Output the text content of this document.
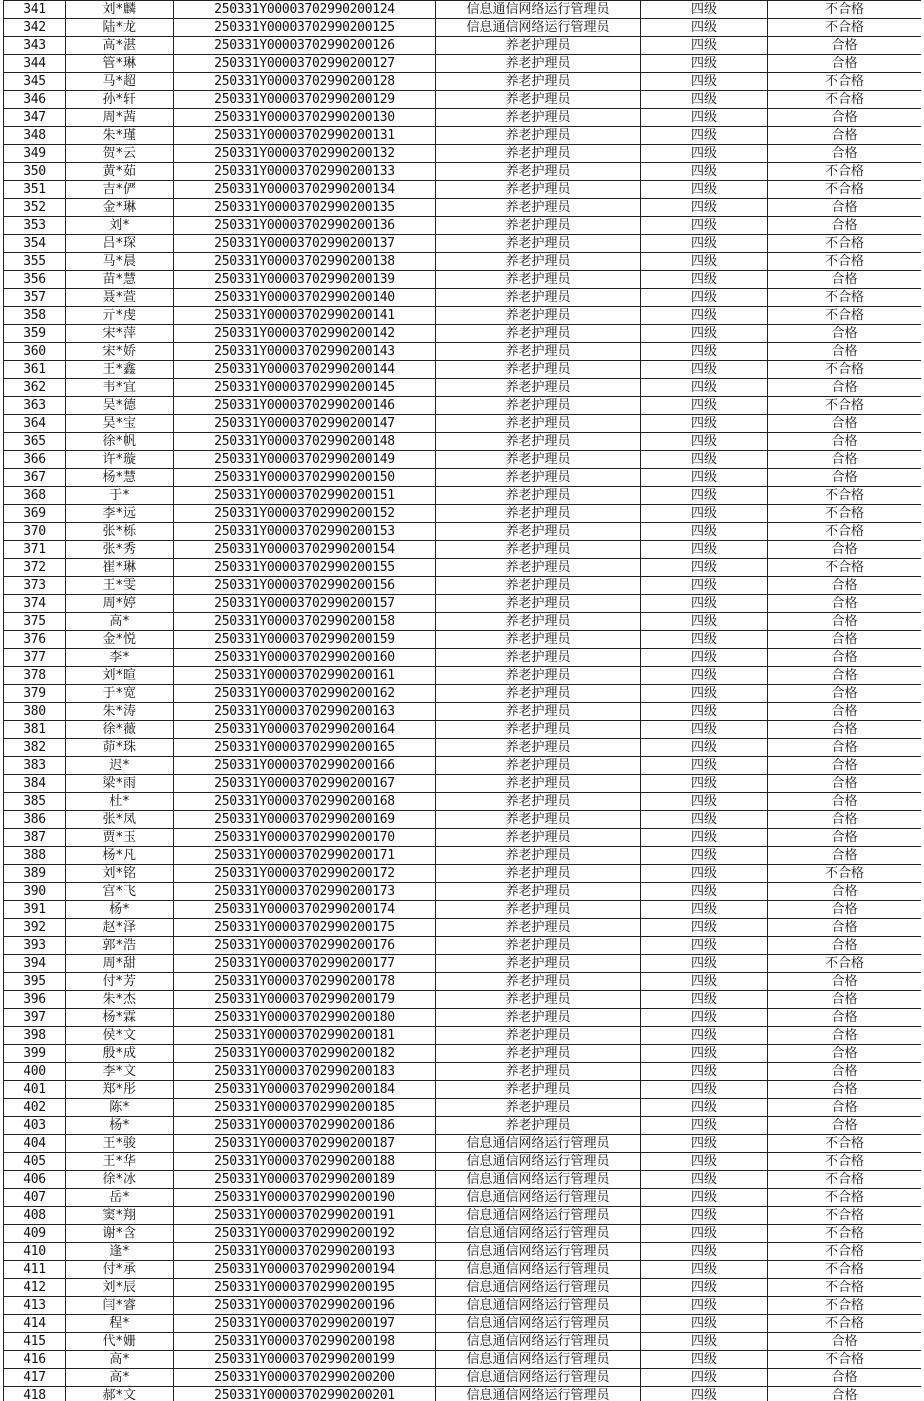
341	刘*麟	250331Y00003702990200124	信息通信网络运行管理员	四级	不合格
342	陆*龙	250331Y00003702990200125	信息通信网络运行管理员	四级	不合格
343	高*湛	250331Y00003702990200126	养老护理员	四级	合格
344	管*琳	250331Y00003702990200127	养老护理员	四级	合格
345	马*超	250331Y00003702990200128	养老护理员	四级	不合格
346	孙*轩	250331Y00003702990200129	养老护理员	四级	不合格
347	周*茜	250331Y00003702990200130	养老护理员	四级	合格
348	朱*瑾	250331Y00003702990200131	养老护理员	四级	合格
349	贺*云	250331Y00003702990200132	养老护理员	四级	合格
350	黄*茹	250331Y00003702990200133	养老护理员	四级	不合格
351	吉*俨	250331Y00003702990200134	养老护理员	四级	不合格
352	金*琳	250331Y00003702990200135	养老护理员	四级	合格
353	刘*	250331Y00003702990200136	养老护理员	四级	合格
354	吕*琛	250331Y00003702990200137	养老护理员	四级	不合格
355	马*晨	250331Y00003702990200138	养老护理员	四级	不合格
356	苗*慧	250331Y00003702990200139	养老护理员	四级	合格
357	聂*萱	250331Y00003702990200140	养老护理员	四级	不合格
358	亓*虔	250331Y00003702990200141	养老护理员	四级	不合格
359	宋*萍	250331Y00003702990200142	养老护理员	四级	合格
360	宋*娇	250331Y00003702990200143	养老护理员	四级	合格
361	王*鑫	250331Y00003702990200144	养老护理员	四级	不合格
362	韦*宜	250331Y00003702990200145	养老护理员	四级	合格
363	吴*德	250331Y00003702990200146	养老护理员	四级	不合格
364	吴*宝	250331Y00003702990200147	养老护理员	四级	合格
365	徐*帆	250331Y00003702990200148	养老护理员	四级	合格
366	许*璇	250331Y00003702990200149	养老护理员	四级	合格
367	杨*慧	250331Y00003702990200150	养老护理员	四级	合格
368	于*	250331Y00003702990200151	养老护理员	四级	不合格
369	李*远	250331Y00003702990200152	养老护理员	四级	不合格
370	张*栎	250331Y00003702990200153	养老护理员	四级	不合格
371	张*秀	250331Y00003702990200154	养老护理员	四级	合格
372	崔*琳	250331Y00003702990200155	养老护理员	四级	不合格
373	王*雯	250331Y00003702990200156	养老护理员	四级	合格
374	周*婷	250331Y00003702990200157	养老护理员	四级	合格
375	高*	250331Y00003702990200158	养老护理员	四级	合格
376	金*悦	250331Y00003702990200159	养老护理员	四级	合格
377	李*	250331Y00003702990200160	养老护理员	四级	合格
378	刘*暄	250331Y00003702990200161	养老护理员	四级	合格
379	于*宽	250331Y00003702990200162	养老护理员	四级	合格
380	朱*涛	250331Y00003702990200163	养老护理员	四级	合格
381	徐*薇	250331Y00003702990200164	养老护理员	四级	合格
382	茆*珠	250331Y00003702990200165	养老护理员	四级	合格
383	迟*	250331Y00003702990200166	养老护理员	四级	合格
384	梁*雨	250331Y00003702990200167	养老护理员	四级	合格
385	杜*	250331Y00003702990200168	养老护理员	四级	合格
386	张*凤	250331Y00003702990200169	养老护理员	四级	合格
387	贾*玉	250331Y00003702990200170	养老护理员	四级	合格
388	杨*凡	250331Y00003702990200171	养老护理员	四级	合格
389	刘*铭	250331Y00003702990200172	养老护理员	四级	不合格
390	宫*飞	250331Y00003702990200173	养老护理员	四级	合格
391	杨*	250331Y00003702990200174	养老护理员	四级	合格
392	赵*泽	250331Y00003702990200175	养老护理员	四级	合格
393	郭*浩	250331Y00003702990200176	养老护理员	四级	合格
394	周*甜	250331Y00003702990200177	养老护理员	四级	不合格
395	付*芳	250331Y00003702990200178	养老护理员	四级	合格
396	朱*杰	250331Y00003702990200179	养老护理员	四级	合格
397	杨*霖	250331Y00003702990200180	养老护理员	四级	合格
398	侯*文	250331Y00003702990200181	养老护理员	四级	合格
399	殷*成	250331Y00003702990200182	养老护理员	四级	合格
400	李*文	250331Y00003702990200183	养老护理员	四级	合格
401	郑*彤	250331Y00003702990200184	养老护理员	四级	合格
402	陈*	250331Y00003702990200185	养老护理员	四级	合格
403	杨*	250331Y00003702990200186	养老护理员	四级	合格
404	王*骏	250331Y00003702990200187	信息通信网络运行管理员	四级	不合格
405	王*华	250331Y00003702990200188	信息通信网络运行管理员	四级	不合格
406	徐*冰	250331Y00003702990200189	信息通信网络运行管理员	四级	不合格
407	岳*	250331Y00003702990200190	信息通信网络运行管理员	四级	不合格
408	窦*翔	250331Y00003702990200191	信息通信网络运行管理员	四级	不合格
409	谢*含	250331Y00003702990200192	信息通信网络运行管理员	四级	不合格
410	逢*	250331Y00003702990200193	信息通信网络运行管理员	四级	不合格
411	付*承	250331Y00003702990200194	信息通信网络运行管理员	四级	不合格
412	刘*辰	250331Y00003702990200195	信息通信网络运行管理员	四级	不合格
413	闫*睿	250331Y00003702990200196	信息通信网络运行管理员	四级	不合格
414	程*	250331Y00003702990200197	信息通信网络运行管理员	四级	不合格
415	代*姗	250331Y00003702990200198	信息通信网络运行管理员	四级	合格
416	高*	250331Y00003702990200199	信息通信网络运行管理员	四级	不合格
417	高*	250331Y00003702990200200	信息通信网络运行管理员	四级	合格
418	郝*文	250331Y00003702990200201	信息通信网络运行管理员	四级	合格
